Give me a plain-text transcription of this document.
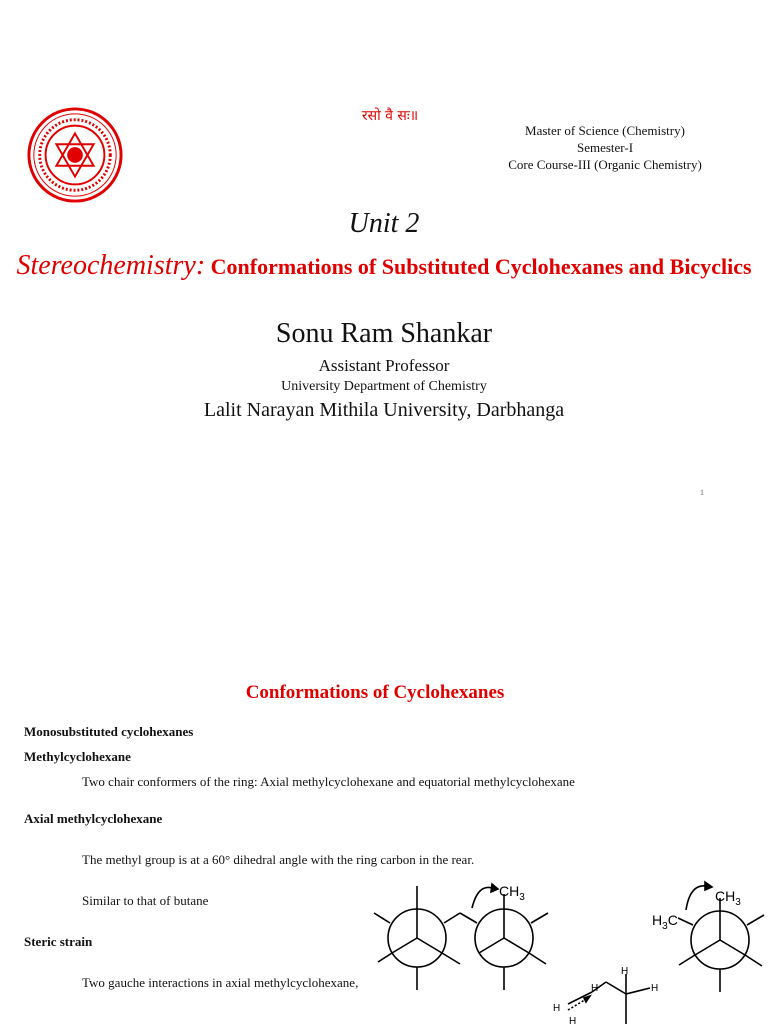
रसो वै सः॥
Master of Science (Chemistry)
Semester-I
Core Course-III (Organic Chemistry)
Unit 2
Stereochemistry: Conformations of Substituted Cyclohexanes and Bicyclics
Sonu Ram Shankar
Assistant Professor
University Department of Chemistry
Lalit Narayan Mithila University, Darbhanga
1
Conformations of Cyclohexanes
Monosubstituted cyclohexanes
Methylcyclohexane
Two chair conformers of the ring: Axial methylcyclohexane and equatorial methylcyclohexane
Axial methylcyclohexane
The methyl group is at a 60° dihedral angle with the ring carbon in the rear.
Similar to that of butane
Steric strain
Two gauche interactions in axial methylcyclohexane,
$CH_3$	$CH_3$
$H_3C$
H
H
H
H
H
